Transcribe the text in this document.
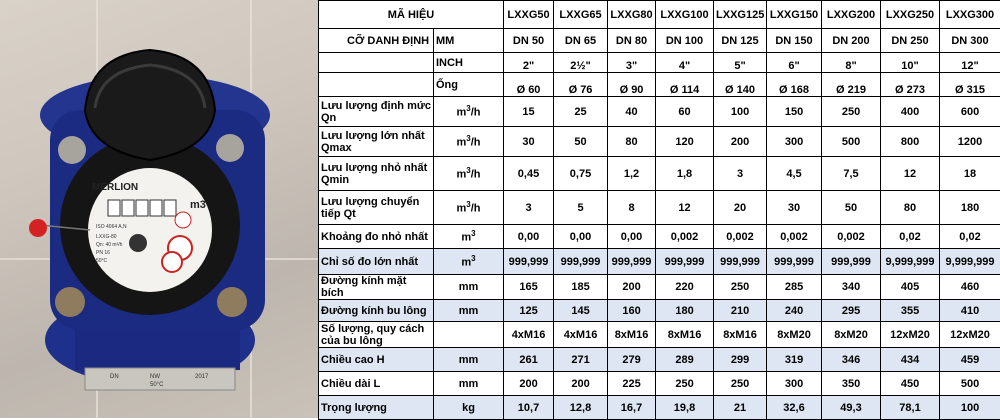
MERLION
m3
ISO 4064 A,N
LXXG-80
Qn: 40 m³/h
PN 16
50°C
DN	NW
50°C
2017
MÃ HIỆU		LXXG50	LXXG65	LXXG80	LXXG100	LXXG125	LXXG150	LXXG200	LXXG250	LXXG300
CỠ DANH ĐỊNH	MM	DN 50	DN 65	DN 80	DN 100	DN 125	DN 150	DN 200	DN 250	DN 300
	INCH	2"	2½"	3"	4"	5"	6"	8"	10"	12"
	Ống	Ø 60	Ø 76	Ø 90	Ø 114	Ø 140	Ø 168	Ø 219	Ø 273	Ø 315
Lưu lượng định mức Qn	$m^3/h$	15	25	40	60	100	150	250	400	600
Lưu lượng lớn nhất Qmax	$m^3/h$	30	50	80	120	200	300	500	800	1200
Lưu lượng nhỏ nhất Qmin	$m^3/h$	0,45	0,75	1,2	1,8	3	4,5	7,5	12	18
Lưu lượng chuyển tiếp Qt	$m^3/h$	3	5	8	12	20	30	50	80	180
Khoảng đo nhỏ nhất	$m^3$	0,00	0,00	0,00	0,002	0,002	0,002	0,002	0,02	0,02
Chỉ số đo lớn nhất	$m^3$	999,999	999,999	999,999	999,999	999,999	999,999	999,999	9,999,999	9,999,999
Đường kính mặt bích	mm	165	185	200	220	250	285	340	405	460
Đường kính bu lông	mm	125	145	160	180	210	240	295	355	410
Số lượng, quy cách của bu lông		4xM16	4xM16	8xM16	8xM16	8xM16	8xM20	8xM20	12xM20	12xM20
Chiều cao H	mm	261	271	279	289	299	319	346	434	459
Chiều dài L	mm	200	200	225	250	250	300	350	450	500
Trọng lượng	kg	10,7	12,8	16,7	19,8	21	32,6	49,3	78,1	100
